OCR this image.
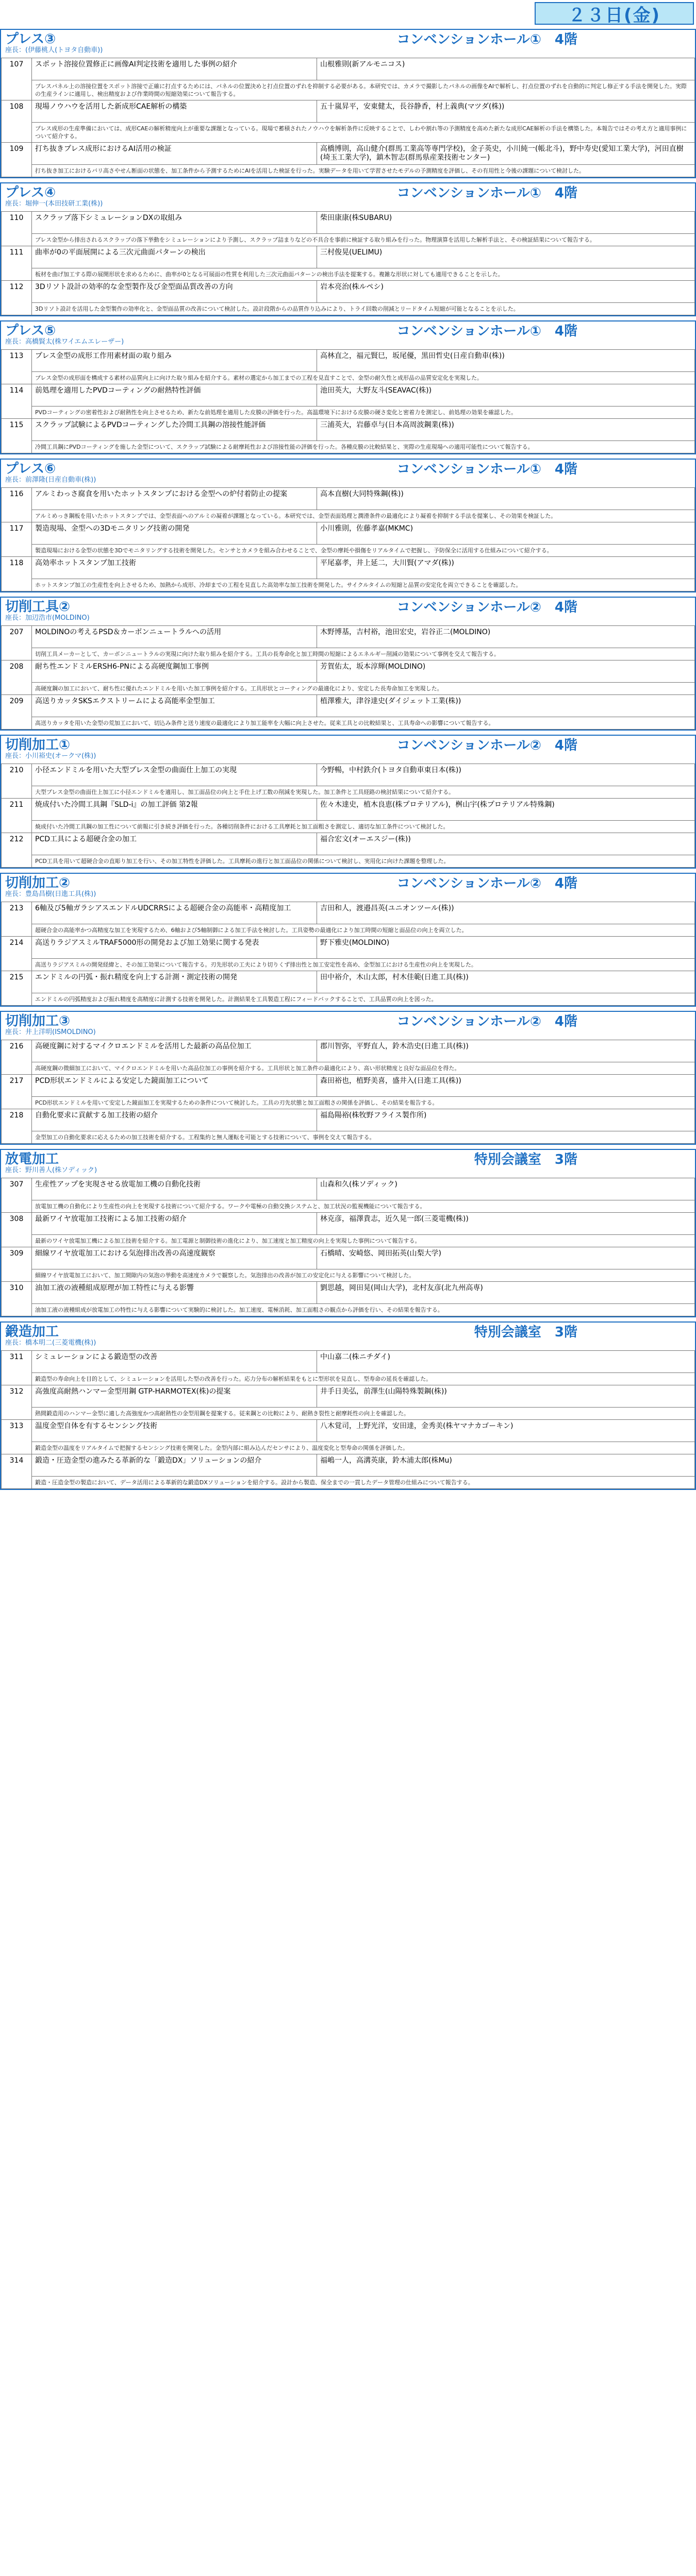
２３日(金)
プレス③
座長：(伊藤桃人(トヨタ自動車))
コンベンションホール①　4階
107	スポット溶接位置修正に画像AI判定技術を適用した事例の紹介	山根雅則(新アルモニコス)
	プレスパネル上の溶接位置をスポット溶接で正確に打点するためには、パネルの位置決めと打点位置のずれを抑制する必要がある。本研究では、カメラで撮影したパネルの画像をAIで解析し、打点位置のずれを自動的に判定し修正する手法を開発した。実際の生産ラインに適用し、検出精度および作業時間の短縮効果について報告する。	
108	現場ノウハウを活用した新成形CAE解析の構築	五十嵐昇平，安東健太，長谷静香，村上義典(マツダ(株))
	プレス成形の生産準備においては、成形CAEの解析精度向上が重要な課題となっている。現場で蓄積されたノウハウを解析条件に反映することで、しわや割れ等の予測精度を高めた新たな成形CAE解析の手法を構築した。本報告ではその考え方と適用事例について紹介する。	
109	打ち抜きプレス成形におけるAI活用の検証	高橋博則，高山健介(群馬工業高等専門学校)，金子英史，小川純一(帳北斗)，野中寿史(愛知工業大学)，河田直樹(埼玉工業大学)，鎮木智志(群馬県産業技術センター)
	打ち抜き加工におけるバリ高さやせん断面の状態を、加工条件から予測するためにAIを活用した検証を行った。実験データを用いて学習させたモデルの予測精度を評価し、その有用性と今後の課題について検討した。	
プレス④
座長：堀伸一(本田技研工業(株))
コンベンションホール①　4階
110	スクラップ落下シミュレーションDXの取組み	柴田康康(株SUBARU)
	プレス金型から排出されるスクラップの落下挙動をシミュレーションにより予測し、スクラップ詰まりなどの不具合を事前に検証する取り組みを行った。物理演算を活用した解析手法と、その検証結果について報告する。	
111	曲率が0の平面展開による三次元曲面パターンの検出	三村俊晃(UELIMU)
	板材を曲げ加工する際の展開形状を求めるために、曲率が0となる可展面の性質を利用した三次元曲面パターンの検出手法を提案する。複雑な形状に対しても適用できることを示した。	
112	3Dリソト設計の効率的な金型製作及び金型面品質改善の方向	岩本亮治(株ルペシ)
	3Dリソト設計を活用した金型製作の効率化と、金型面品質の改善について検討した。設計段階からの品質作り込みにより、トライ回数の削減とリードタイム短縮が可能となることを示した。	
プレス⑤
座長：高橋賢太(株ワイエムエレーザー)
コンベンションホール①　4階
113	プレス金型の成形工作用素材面の取り組み	高林直之，福元賢巳，坂尾優，黒田哲史(日産自動車(株))
	プレス金型の成形面を構成する素材の品質向上に向けた取り組みを紹介する。素材の選定から加工までの工程を見直すことで、金型の耐久性と成形品の品質安定化を実現した。	
114	前処理を適用したPVDコーティングの耐熱特性評価	池田英大，大野友斗(SEAVAC(株))
	PVDコーティングの密着性および耐熱性を向上させるため、新たな前処理を適用した皮膜の評価を行った。高温環境下における皮膜の硬さ変化と密着力を測定し、前処理の効果を確認した。	
115	スクラップ試験によるPVDコーティングした冷間工具鋼の溶接性能評価	三浦英大，岩藤卓与(日本高周波鋼業(株))
	冷間工具鋼にPVDコーティングを施した金型について、スクラップ試験による耐摩耗性および溶接性能の評価を行った。各種皮膜の比較結果と、実際の生産現場への適用可能性について報告する。	
プレス⑥
座長：前澤隆(日産自動車(株))
コンベンションホール①　4階
116	アルミわっさ腐食を用いたホットスタンプにおける金型への炉付着防止の提案	高本直樹(大同特殊鋼(株))
	アルミめっき鋼板を用いたホットスタンプでは、金型表面へのアルミの凝着が課題となっている。本研究では、金型表面処理と潤滑条件の最適化により凝着を抑制する手法を提案し、その効果を検証した。	
117	製造現場、金型への3Dモニタリング技術の開発	小川雅則，佐藤孝嘉(MKMC)
	製造現場における金型の状態を3Dでモニタリングする技術を開発した。センサとカメラを組み合わせることで、金型の摩耗や損傷をリアルタイムで把握し、予防保全に活用する仕組みについて紹介する。	
118	高効率ホットスタンプ加工技術	平尾嘉孝，井上延二，大川賢(アマダ(株))
	ホットスタンプ加工の生産性を向上させるため、加熱から成形、冷却までの工程を見直した高効率な加工技術を開発した。サイクルタイムの短縮と品質の安定化を両立できることを確認した。	
切削工具②
座長：加辺浩市(MOLDINO)
コンベンションホール②　4階
207	MOLDINOの考えるPSD＆カーボンニュートラルへの活用	木野博基，吉村裕，池田宏史，岩谷正二(MOLDINO)
	切削工具メーカーとして、カーボンニュートラルの実現に向けた取り組みを紹介する。工具の長寿命化と加工時間の短縮によるエネルギー削減の効果について事例を交えて報告する。	
208	耐ち性エンドミルERSH6-PNによる高硬度鋼加工事例	芳賀佑太，坂本淳輝(MOLDINO)
	高硬度鋼の加工において、耐ち性に優れたエンドミルを用いた加工事例を紹介する。工具形状とコーティングの最適化により、安定した長寿命加工を実現した。	
209	高送りカッタSKSエクストリームによる高能率金型加工	植澤雅大，津谷達史(ダイジェット工業(株))
	高送りカッタを用いた金型の荒加工において、切込み条件と送り速度の最適化により加工能率を大幅に向上させた。従来工具との比較結果と、工具寿命への影響について報告する。	
切削加工①
座長：小川裕史(オークマ(株))
コンベンションホール②　4階
210	小径エンドミルを用いた大型プレス金型の曲面仕上加工の実現	今野暢，中村鉄介(トヨタ自動車東日本(株))
	大型プレス金型の曲面仕上加工に小径エンドミルを適用し、加工面品位の向上と手仕上げ工数の削減を実現した。加工条件と工具経路の検討結果について紹介する。	
211	焼成付いた冷間工具鋼『SLD-i』の加工評価 第2報	佐々木達史，植木良恵(株プロテリアル)，桝山宇(株プロテリアル特殊鋼)
	焼成付いた冷間工具鋼の加工性について前報に引き続き評価を行った。各種切削条件における工具摩耗と加工面粗さを測定し、適切な加工条件について検討した。	
212	PCD工具による超硬合金の加工	福合宏文(オーエスジー(株))
	PCD工具を用いて超硬合金の直彫り加工を行い、その加工特性を評価した。工具摩耗の進行と加工面品位の関係について検討し、実用化に向けた課題を整理した。	
切削加工②
座長：豊島昌樹(日進工具(株))
コンベンションホール②　4階
213	6軸及び5軸ガラシアスエンドルUDCRRSによる超硬合金の高能率・高精度加工	吉田和人，渡邉昌英(ユニオンツール(株))
	超硬合金の高能率かつ高精度な加工を実現するため、6軸および5軸制御による加工手法を検討した。工具姿勢の最適化により加工時間の短縮と面品位の向上を両立した。	
214	高送りラジアスミルTRAF5000形の開発および加工効果に関する発表	野下雅史(MOLDINO)
	高送りラジアスミルの開発経緯と、その加工効果について報告する。刃先形状の工夫により切りくず排出性と加工安定性を高め、金型加工における生産性の向上を実現した。	
215	エンドミルの円弧・振れ精度を向上する計測・測定技術の開発	田中裕介，木山太郎，村木佳範(日進工具(株))
	エンドミルの円弧精度および振れ精度を高精度に計測する技術を開発した。計測結果を工具製造工程にフィードバックすることで、工具品質の向上を図った。	
切削加工③
座長：井上洋明(ISMOLDINO)
コンベンションホール②　4階
216	高硬度鋼に対するマイクロエンドミルを活用した最新の高品位加工	郡川智弥，平野直人，鈴木浩史(日進工具(株))
	高硬度鋼の微細加工において、マイクロエンドミルを用いた高品位加工の事例を紹介する。工具形状と加工条件の最適化により、高い形状精度と良好な面品位を得た。	
217	PCD形状エンドミルによる安定した鏡面加工について	森田裕也，植野美喜，盛井入(日進工具(株))
	PCD形状エンドミルを用いて安定した鏡面加工を実現するための条件について検討した。工具の刃先状態と加工面粗さの関係を評価し、その結果を報告する。	
218	自動化要求に貢献する加工技術の紹介	福島陽裕(株牧野フライス製作所)
	金型加工の自動化要求に応えるための加工技術を紹介する。工程集約と無人運転を可能とする技術について、事例を交えて報告する。	
放電加工
座長：野川善人(株ソディック)
特別会議室　3階
307	生産性アップを実現させる放電加工機の自動化技術	山森和久(株ソディック)
	放電加工機の自動化により生産性の向上を実現する技術について紹介する。ワークや電極の自動交換システムと、加工状況の監視機能について報告する。	
308	最新ワイヤ放電加工技術による加工技術の紹介	林克彦，福澤貴志，近久晃一郎(三菱電機(株))
	最新のワイヤ放電加工機による加工技術を紹介する。加工電源と制御技術の進化により、加工速度と加工精度の向上を実現した事例について報告する。	
309	細線ワイヤ放電加工における気泡排出改善の高速度観察	石橋晴、安崎悠、岡田拓英(山梨大学)
	細線ワイヤ放電加工において、加工間隙内の気泡の挙動を高速度カメラで観察した。気泡排出の改善が加工の安定化に与える影響について検討した。	
310	油加工液の液種組成原理が加工特性に与える影響	劉思越，岡田晃(岡山大学)，北村友彦(北九州高専)
	油加工液の液種組成が放電加工の特性に与える影響について実験的に検討した。加工速度、電極消耗、加工面粗さの観点から評価を行い、その結果を報告する。	
鍛造加工
座長：橋本明二(三菱電機(株))
特別会議室　3階
311	シミュレーションによる鍛造型の改善	中山嘉二(株ニチダイ)
	鍛造型の寿命向上を目的として、シミュレーションを活用した型の改善を行った。応力分布の解析結果をもとに型形状を見直し、型寿命の延長を確認した。	
312	高強度高耐熱ハンマー金型用鋼 GTP-HARMOTEX(株)の提案	井手日美弘，前澤生(山陽特殊製鋼(株))
	熱間鍛造用のハンマー金型に適した高強度かつ高耐熱性の金型用鋼を提案する。従来鋼との比較により、耐熱き裂性と耐摩耗性の向上を確認した。	
313	温度金型自体を有するセンシング技術	八木覚司，上野光洋，安田達，金秀美(株ヤマナカゴーキン)
	鍛造金型の温度をリアルタイムで把握するセンシング技術を開発した。金型内部に組み込んだセンサにより、温度変化と型寿命の関係を評価した。	
314	鍛造・圧造金型の進みたる革新的な「鍛造DX」ソリューションの紹介	福嶋一人，高溝英康，鈴木浦太郎(株Mu)
	鍛造・圧造金型の製造において、データ活用による革新的な鍛造DXソリューションを紹介する。設計から製造、保全までの一貫したデータ管理の仕組みについて報告する。	
